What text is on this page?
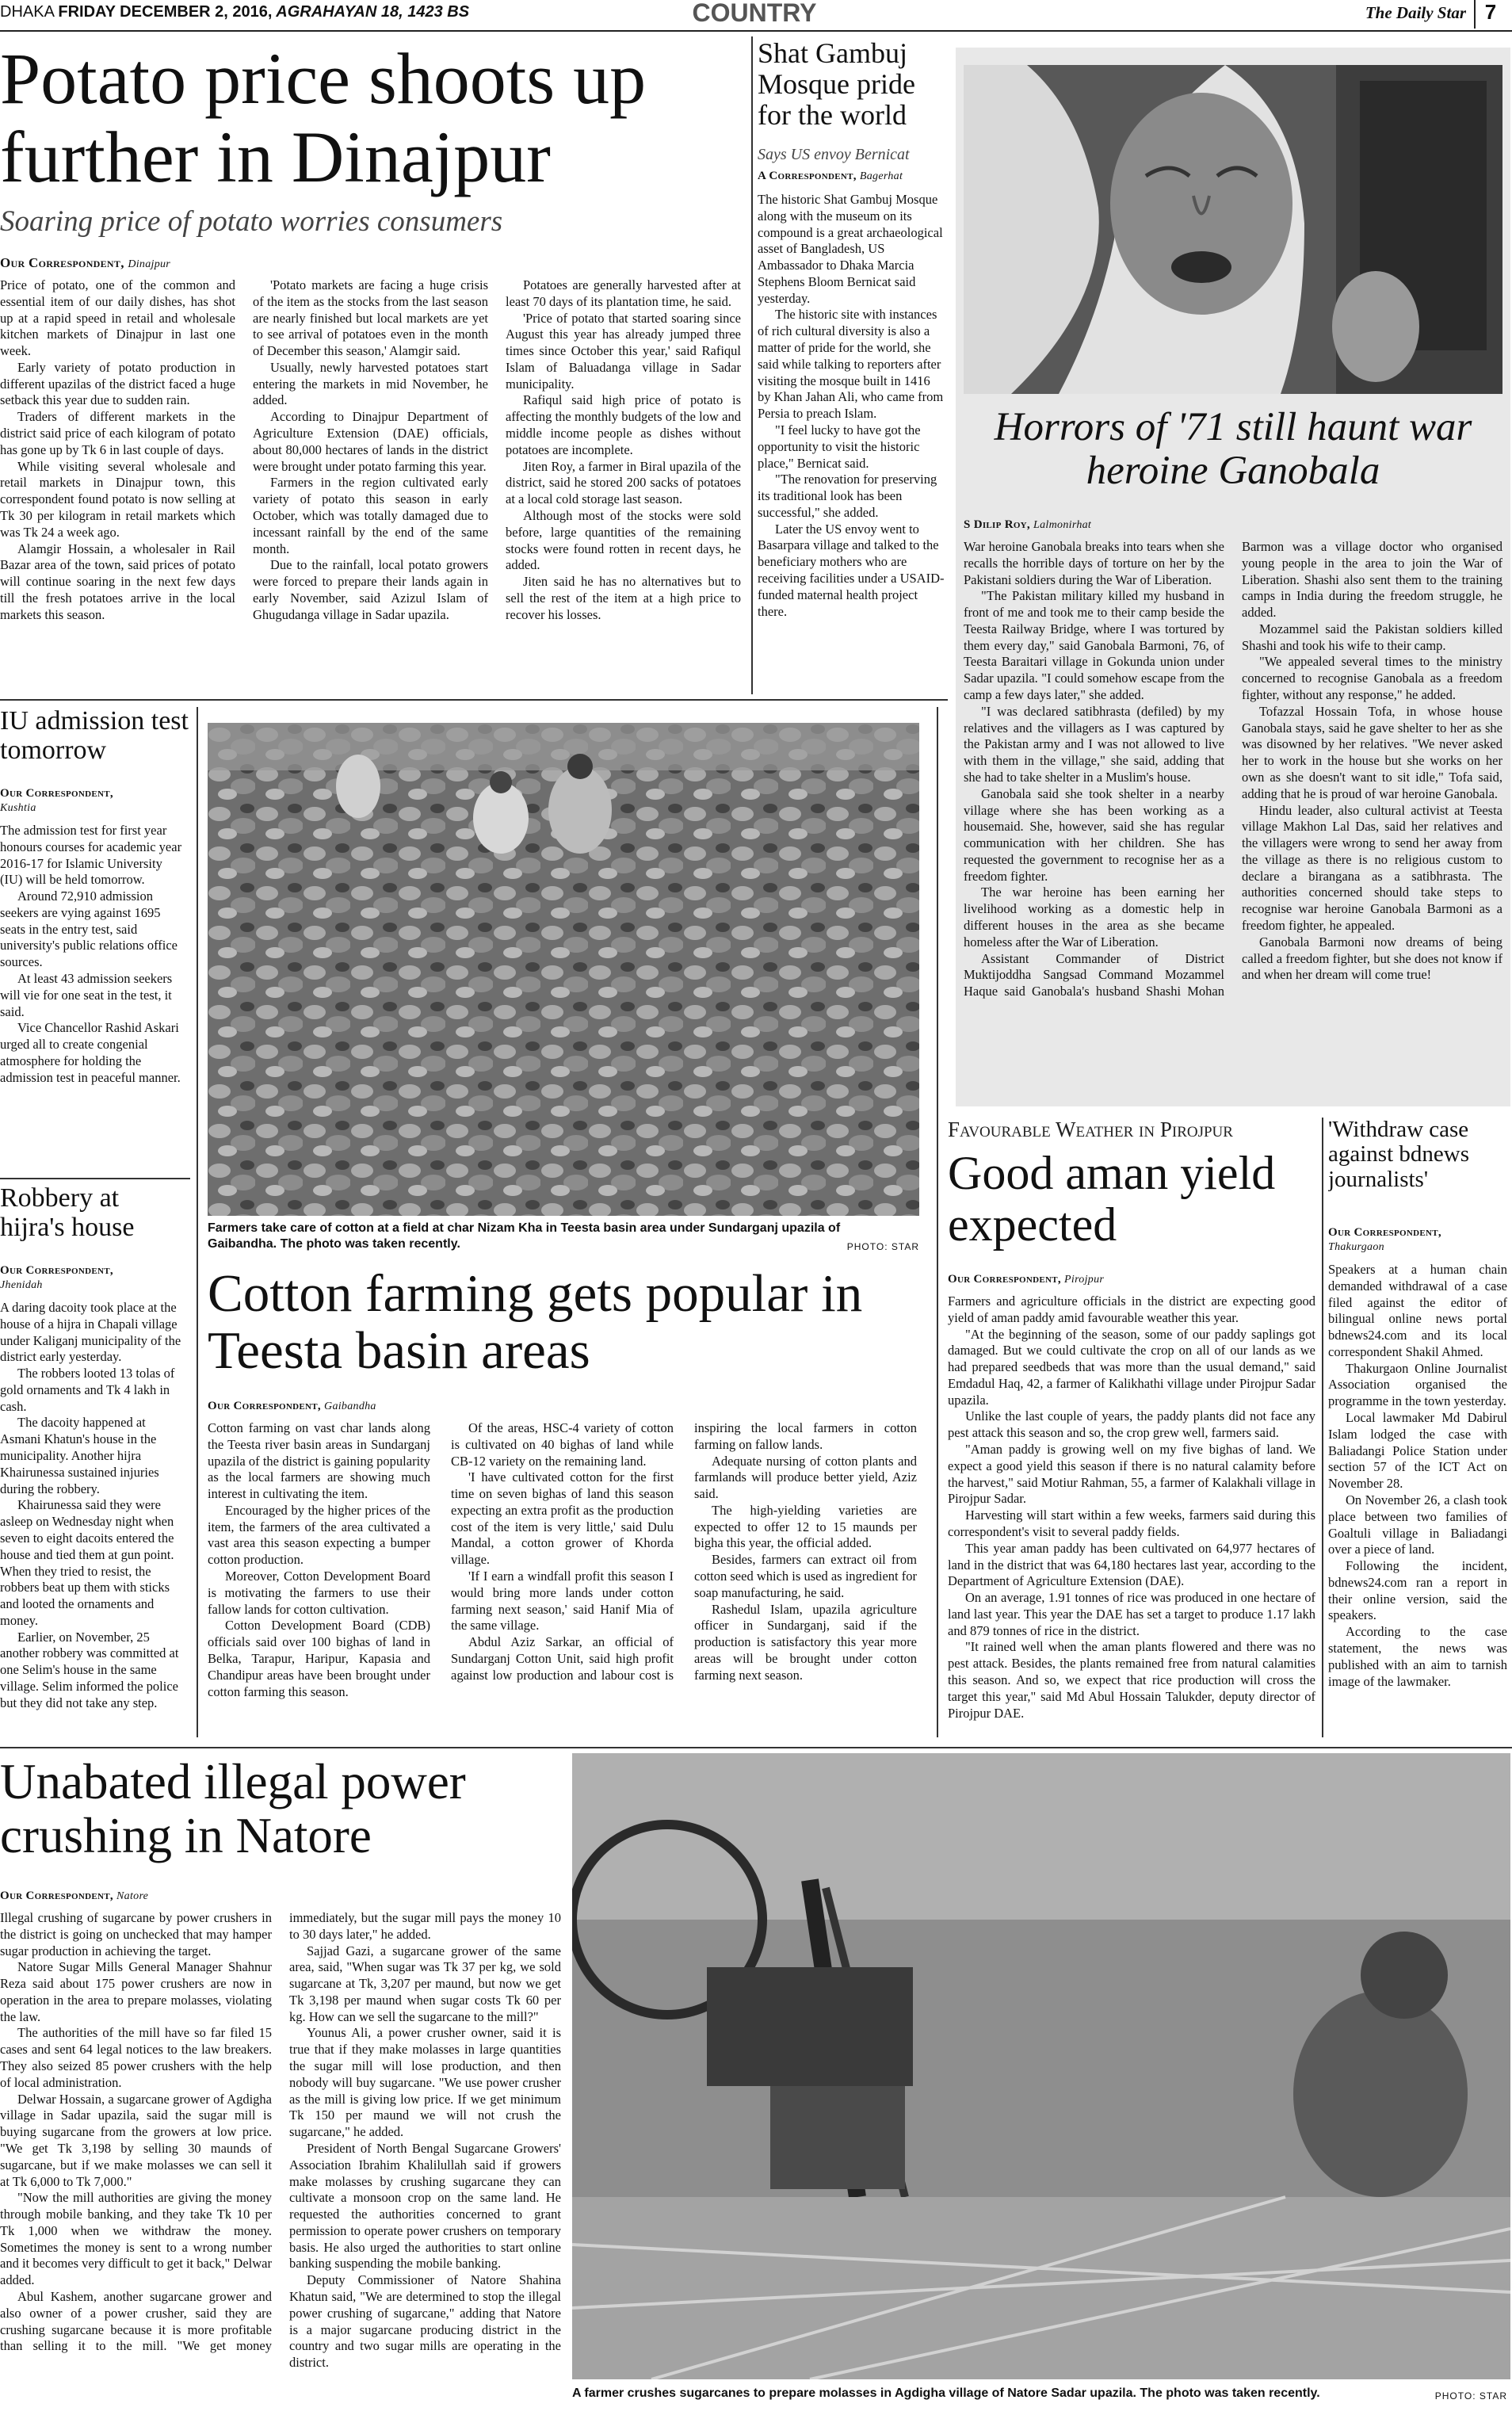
DHAKA FRIDAY DECEMBER 2, 2016, AGRAHAYAN 18, 1423 BS	COUNTRY	The Daily Star 7
Potato price shoots up further in Dinajpur
Soaring price of potato worries consumers
Our Correspondent, Dinajpur

Price of potato, one of the common and essential item of our daily dishes, has shot up at a rapid speed in retail and wholesale kitchen markets of Dinajpur in last one week.

Early variety of potato production in different upazilas of the district faced a huge setback this year due to sudden rain.

Traders of different markets in the district said price of each kilogram of potato has gone up by Tk 6 in last couple of days.

While visiting several wholesale and retail markets in Dinajpur town, this correspondent found potato is now selling at Tk 30 per kilogram in retail markets which was Tk 24 a week ago.

Alamgir Hossain, a wholesaler in Rail Bazar area of the town, said prices of potato will continue soaring in the next few days till the fresh potatoes arrive in the local markets this season.

'Potato markets are facing a huge crisis of the item as the stocks from the last season are nearly finished but local markets are yet to see arrival of potatoes even in the month of December this season,' Alamgir said.

Usually, newly harvested potatoes start entering the markets in mid November, he added.

According to Dinajpur Department of Agriculture Extension (DAE) officials, about 80,000 hectares of lands in the district were brought under potato farming this year.

Farmers in the region cultivated early variety of potato this season in early October, which was totally damaged due to incessant rainfall by the end of the same month.

Due to the rainfall, local potato growers were forced to prepare their lands again in early November, said Azizul Islam of Ghugudanga village in Sadar upazila.

Potatoes are generally harvested after at least 70 days of its plantation time, he said.

'Price of potato that started soaring since August this year has already jumped three times since October this year,' said Rafiqul Islam of Baluadanga village in Sadar municipality.

Rafiqul said high price of potato is affecting the monthly budgets of the low and middle income people as dishes without potatoes are incomplete.

Jiten Roy, a farmer in Biral upazila of the district, said he stored 200 sacks of potatoes at a local cold storage last season.

Although most of the stocks were sold before, large quantities of the remaining stocks were found rotten in recent days, he added.

Jiten said he has no alternatives but to sell the rest of the item at a high price to recover his losses.

Shat Gambuj Mosque pride for the world
Says US envoy Bernicat
A Correspondent, Bagerhat

The historic Shat Gambuj Mosque along with the museum on its compound is a great archaeological asset of Bangladesh, US Ambassador to Dhaka Marcia Stephens Bloom Bernicat said yesterday.

The historic site with instances of rich cultural diversity is also a matter of pride for the world, she said while talking to reporters after visiting the mosque built in 1416 by Khan Jahan Ali, who came from Persia to preach Islam.

"I feel lucky to have got the opportunity to visit the historic place," Bernicat said.

"The renovation for preserving its traditional look has been successful," she added.

Later the US envoy went to Basarpara village and talked to the beneficiary mothers who are receiving facilities under a USAID-funded maternal health project there.

Horrors of '71 still haunt war heroine Ganobala
S Dilip Roy, Lalmonirhat

War heroine Ganobala breaks into tears when she recalls the horrible days of torture on her by the Pakistani soldiers during the War of Liberation.

"The Pakistan military killed my husband in front of me and took me to their camp beside the Teesta Railway Bridge, where I was tortured by them every day," said Ganobala Barmoni, 76, of Teesta Baraitari village in Gokunda union under Sadar upazila. "I could somehow escape from the camp a few days later," she added.

"I was declared satibhrasta (defiled) by my relatives and the villagers as I was captured by the Pakistan army and I was not allowed to live with them in the village," she said, adding that she had to take shelter in a Muslim's house.

Ganobala said she took shelter in a nearby village where she has been working as a housemaid. She, however, said she has regular communication with her children. She has requested the government to recognise her as a freedom fighter.

The war heroine has been earning her livelihood working as a domestic help in different houses in the area as she became homeless after the War of Liberation.

Assistant Commander of District Muktijoddha Sangsad Command Mozammel Haque said Ganobala's husband Shashi Mohan Barmon was a village doctor who organised young people in the area to join the War of Liberation. Shashi also sent them to the training camps in India during the freedom struggle, he added.

Mozammel said the Pakistan soldiers killed Shashi and took his wife to their camp.

"We appealed several times to the ministry concerned to recognise Ganobala as a freedom fighter, without any response," he added.

Tofazzal Hossain Tofa, in whose house Ganobala stays, said he gave shelter to her as she was disowned by her relatives. "We never asked her to work in the house but she works on her own as she doesn't want to sit idle," Tofa said, adding that he is proud of war heroine Ganobala.

Hindu leader, also cultural activist at Teesta village Makhon Lal Das, said her relatives and the villagers were wrong to send her away from the village as there is no religious custom to declare a birangana as a satibhrasta. The authorities concerned should take steps to recognise war heroine Ganobala Barmoni as a freedom fighter, he appealed.

Ganobala Barmoni now dreams of being called a freedom fighter, but she does not know if and when her dream will come true!

IU admission test tomorrow
Our Correspondent,
Kushtia

The admission test for first year honours courses for academic year 2016-17 for Islamic University (IU) will be held tomorrow.

Around 72,910 admission seekers are vying against 1695 seats in the entry test, said university's public relations office sources.

At least 43 admission seekers will vie for one seat in the test, it said.

Vice Chancellor Rashid Askari urged all to create congenial atmosphere for holding the admission test in peaceful manner.

Robbery at hijra's house
Our Correspondent,
Jhenidah

A daring dacoity took place at the house of a hijra in Chapali village under Kaliganj municipality of the district early yesterday.

The robbers looted 13 tolas of gold ornaments and Tk 4 lakh in cash.

The dacoity happened at Asmani Khatun's house in the municipality. Another hijra Khairunessa sustained injuries during the robbery.

Khairunessa said they were asleep on Wednesday night when seven to eight dacoits entered the house and tied them at gun point. When they tried to resist, the robbers beat up them with sticks and looted the ornaments and money.

Earlier, on November, 25 another robbery was committed at one Selim's house in the same village. Selim informed the police but they did not take any step.

Farmers take care of cotton at a field at char Nizam Kha in Teesta basin area under Sundarganj upazila of Gaibandha. The photo was taken recently.	PHOTO: STAR
Cotton farming gets popular in Teesta basin areas
Our Correspondent, Gaibandha

Cotton farming on vast char lands along the Teesta river basin areas in Sundarganj upazila of the district is gaining popularity as the local farmers are showing much interest in cultivating the item.

Encouraged by the higher prices of the item, the farmers of the area cultivated a vast area this season expecting a bumper cotton production.

Moreover, Cotton Development Board is motivating the farmers to use their fallow lands for cotton cultivation.

Cotton Development Board (CDB) officials said over 100 bighas of land in Belka, Tarapur, Haripur, Kapasia and Chandipur areas have been brought under cotton farming this season.

Of the areas, HSC-4 variety of cotton is cultivated on 40 bighas of land while CB-12 variety on the remaining land.

'I have cultivated cotton for the first time on seven bighas of land this season expecting an extra profit as the production cost of the item is very little,' said Dulu Mandal, a cotton grower of Khorda village.

'If I earn a windfall profit this season I would bring more lands under cotton farming next season,' said Hanif Mia of the same village.

Abdul Aziz Sarkar, an official of Sundarganj Cotton Unit, said high profit against low production and labour cost is inspiring the local farmers in cotton farming on fallow lands.

Adequate nursing of cotton plants and farmlands will produce better yield, Aziz said.

The high-yielding varieties are expected to offer 12 to 15 maunds per bigha this year, the official added.

Besides, farmers can extract oil from cotton seed which is used as ingredient for soap manufacturing, he said.

Rashedul Islam, upazila agriculture officer in Sundarganj, said if the production is satisfactory this year more areas will be brought under cotton farming next season.

Favourable Weather in Pirojpur
Good aman yield expected
Our Correspondent, Pirojpur

Farmers and agriculture officials in the district are expecting good yield of aman paddy amid favourable weather this year.

"At the beginning of the season, some of our paddy saplings got damaged. But we could cultivate the crop on all of our lands as we had prepared seedbeds that was more than the usual demand," said Emdadul Haq, 42, a farmer of Kalikhathi village under Pirojpur Sadar upazila.

Unlike the last couple of years, the paddy plants did not face any pest attack this season and so, the crop grew well, farmers said.

"Aman paddy is growing well on my five bighas of land. We expect a good yield this season if there is no natural calamity before the harvest," said Motiur Rahman, 55, a farmer of Kalakhali village in Pirojpur Sadar.

Harvesting will start within a few weeks, farmers said during this correspondent's visit to several paddy fields.

This year aman paddy has been cultivated on 64,977 hectares of land in the district that was 64,180 hectares last year, according to the Department of Agriculture Extension (DAE).

On an average, 1.91 tonnes of rice was produced in one hectare of land last year. This year the DAE has set a target to produce 1.17 lakh and 879 tonnes of rice in the district.

"It rained well when the aman plants flowered and there was no pest attack. Besides, the plants remained free from natural calamities this season. And so, we expect that rice production will cross the target this year," said Md Abul Hossain Talukder, deputy director of Pirojpur DAE.

'Withdraw case against bdnews journalists'
Our Correspondent,
Thakurgaon

Speakers at a human chain demanded withdrawal of a case filed against the editor of bilingual online news portal bdnews24.com and its local correspondent Shakil Ahmed.

Thakurgaon Online Journalist Association organised the programme in the town yesterday.

Local lawmaker Md Dabirul Islam lodged the case with Baliadangi Police Station under section 57 of the ICT Act on November 28.

On November 26, a clash took place between two families of Goaltuli village in Baliadangi over a piece of land.

Following the incident, bdnews24.com ran a report in their online version, said the speakers.

According to the case statement, the news was published with an aim to tarnish image of the lawmaker.

Unabated illegal power crushing in Natore
Our Correspondent, Natore

Illegal crushing of sugarcane by power crushers in the district is going on unchecked that may hamper sugar production in achieving the target.

Natore Sugar Mills General Manager Shahnur Reza said about 175 power crushers are now in operation in the area to prepare molasses, violating the law.

The authorities of the mill have so far filed 15 cases and sent 64 legal notices to the law breakers. They also seized 85 power crushers with the help of local administration.

Delwar Hossain, a sugarcane grower of Agdigha village in Sadar upazila, said the sugar mill is buying sugarcane from the growers at low price. "We get Tk 3,198 by selling 30 maunds of sugarcane, but if we make molasses we can sell it at Tk 6,000 to Tk 7,000."

"Now the mill authorities are giving the money through mobile banking, and they take Tk 10 per Tk 1,000 when we withdraw the money. Sometimes the money is sent to a wrong number and it becomes very difficult to get it back," Delwar added.

Abul Kashem, another sugarcane grower and also owner of a power crusher, said they are crushing sugarcane because it is more profitable than selling it to the mill. "We get money immediately, but the sugar mill pays the money 10 to 30 days later," he added.

Sajjad Gazi, a sugarcane grower of the same area, said, "When sugar was Tk 37 per kg, we sold sugarcane at Tk, 3,207 per maund, but now we get Tk 3,198 per maund when sugar costs Tk 60 per kg. How can we sell the sugarcane to the mill?"

Younus Ali, a power crusher owner, said it is true that if they make molasses in large quantities the sugar mill will lose production, and then nobody will buy sugarcane. "We use power crusher as the mill is giving low price. If we get minimum Tk 150 per maund we will not crush the sugarcane," he added.

President of North Bengal Sugarcane Growers' Association Ibrahim Khalilullah said if growers make molasses by crushing sugarcane they can cultivate a monsoon crop on the same land. He requested the authorities concerned to grant permission to operate power crushers on temporary basis. He also urged the authorities to start online banking suspending the mobile banking.

Deputy Commissioner of Natore Shahina Khatun said, "We are determined to stop the illegal power crushing of sugarcane," adding that Natore is a major sugarcane producing district in the country and two sugar mills are operating in the district.

A farmer crushes sugarcanes to prepare molasses in Agdigha village of Natore Sadar upazila. The photo was taken recently.	PHOTO: STAR
